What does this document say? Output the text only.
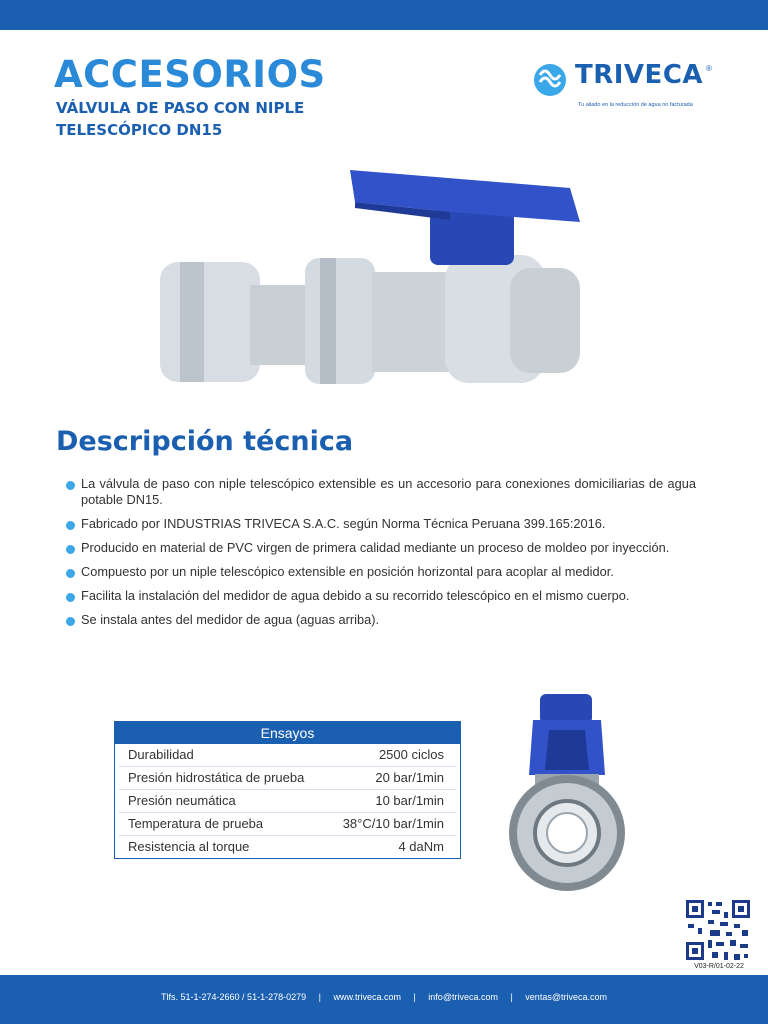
ACCESORIOS
VÁLVULA DE PASO CON NIPLE
TELESCÓPICO DN15
TRIVECA ®
Tu aliado en la reducción de agua no facturada
Descripción técnica
La válvula de paso con niple telescópico extensible es un accesorio para conexiones domiciliarias de agua potable DN15.
Fabricado por INDUSTRIAS TRIVECA S.A.C. según Norma Técnica Peruana 399.165:2016.
Producido en material de PVC virgen de primera calidad mediante un proceso de moldeo por inyección.
Compuesto por un niple telescópico extensible en posición horizontal para acoplar al medidor.
Facilita la instalación del medidor de agua debido a su recorrido telescópico en el mismo cuerpo.
Se instala antes del medidor de agua (aguas arriba).
Ensayos
Durabilidad	2500 ciclos
Presión hidrostática de prueba	20 bar/1min
Presión neumática	10 bar/1min
Temperatura de prueba	38°C/10 bar/1min
Resistencia al torque	4 daNm
V03-R/01-02-22
Tlfs. 51-1-274-2660 / 51-1-278-0279     |     www.triveca.com     |     info@triveca.com     |     ventas@triveca.com
